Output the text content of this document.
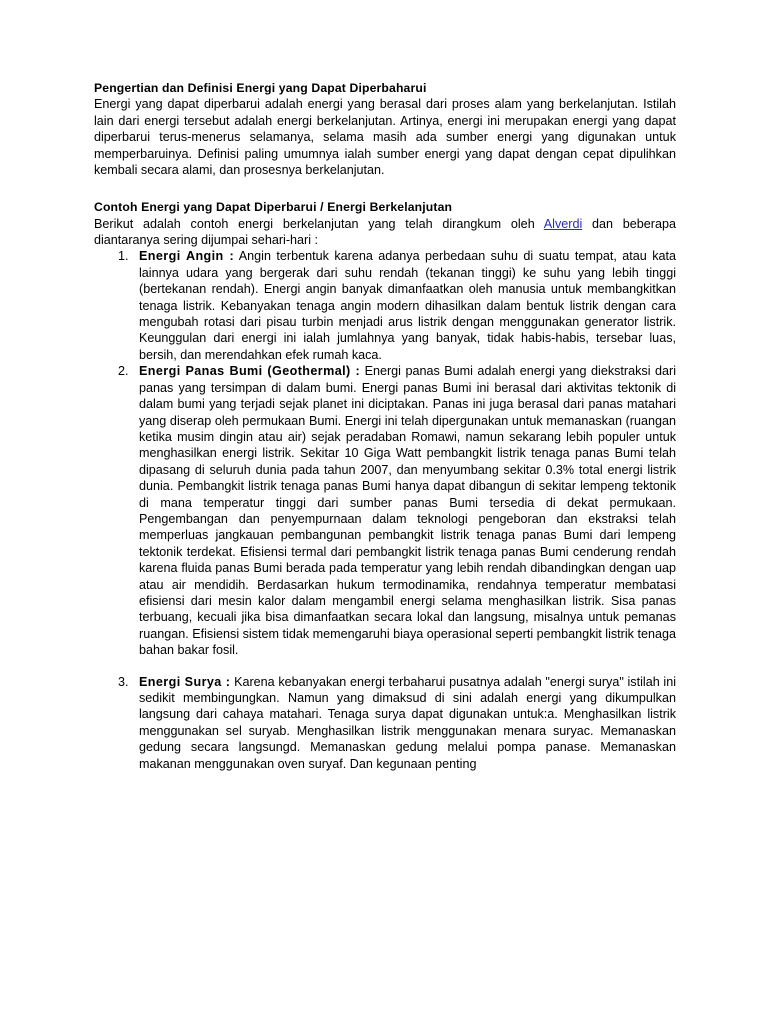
Pengertian dan Definisi Energi yang Dapat Diperbaharui

Energi yang dapat diperbarui adalah energi yang berasal dari proses alam yang berkelanjutan. Istilah lain dari energi tersebut adalah energi berkelanjutan. Artinya, energi ini merupakan energi yang dapat diperbarui terus-menerus selamanya, selama masih ada sumber energi yang digunakan untuk memperbaruinya. Definisi paling umumnya ialah sumber energi yang dapat dengan cepat dipulihkan kembali secara alami, dan prosesnya berkelanjutan.

Contoh Energi yang Dapat Diperbarui / Energi Berkelanjutan

Berikut adalah contoh energi berkelanjutan yang telah dirangkum oleh Alverdi dan beberapa diantaranya sering dijumpai sehari-hari :

Energi Angin : Angin terbentuk karena adanya perbedaan suhu di suatu tempat, atau kata lainnya udara yang bergerak dari suhu rendah (tekanan tinggi) ke suhu yang lebih tinggi (bertekanan rendah). Energi angin banyak dimanfaatkan oleh manusia untuk membangkitkan tenaga listrik. Kebanyakan tenaga angin modern dihasilkan dalam bentuk listrik dengan cara mengubah rotasi dari pisau turbin menjadi arus listrik dengan menggunakan generator listrik. Keunggulan dari energi ini ialah jumlahnya yang banyak, tidak habis-habis, tersebar luas, bersih, dan merendahkan efek rumah kaca.
Energi Panas Bumi (Geothermal) : Energi panas Bumi adalah energi yang diekstraksi dari panas yang tersimpan di dalam bumi. Energi panas Bumi ini berasal dari aktivitas tektonik di dalam bumi yang terjadi sejak planet ini diciptakan. Panas ini juga berasal dari panas matahari yang diserap oleh permukaan Bumi. Energi ini telah dipergunakan untuk memanaskan (ruangan ketika musim dingin atau air) sejak peradaban Romawi, namun sekarang lebih populer untuk menghasilkan energi listrik. Sekitar 10 Giga Watt pembangkit listrik tenaga panas Bumi telah dipasang di seluruh dunia pada tahun 2007, dan menyumbang sekitar 0.3% total energi listrik dunia. Pembangkit listrik tenaga panas Bumi hanya dapat dibangun di sekitar lempeng tektonik di mana temperatur tinggi dari sumber panas Bumi tersedia di dekat permukaan. Pengembangan dan penyempurnaan dalam teknologi pengeboran dan ekstraksi telah memperluas jangkauan pembangunan pembangkit listrik tenaga panas Bumi dari lempeng tektonik terdekat. Efisiensi termal dari pembangkit listrik tenaga panas Bumi cenderung rendah karena fluida panas Bumi berada pada temperatur yang lebih rendah dibandingkan dengan uap atau air mendidih. Berdasarkan hukum termodinamika, rendahnya temperatur membatasi efisiensi dari mesin kalor dalam mengambil energi selama menghasilkan listrik. Sisa panas terbuang, kecuali jika bisa dimanfaatkan secara lokal dan langsung, misalnya untuk pemanas ruangan. Efisiensi sistem tidak memengaruhi biaya operasional seperti pembangkit listrik tenaga bahan bakar fosil.
Energi Surya : Karena kebanyakan energi terbaharui pusatnya adalah "energi surya" istilah ini sedikit membingungkan. Namun yang dimaksud di sini adalah energi yang dikumpulkan langsung dari cahaya matahari. Tenaga surya dapat digunakan untuk:a. Menghasilkan listrik menggunakan sel suryab. Menghasilkan listrik menggunakan menara suryac. Memanaskan gedung secara langsungd. Memanaskan gedung melalui pompa panase. Memanaskan makanan menggunakan oven suryaf. Dan kegunaan penting
